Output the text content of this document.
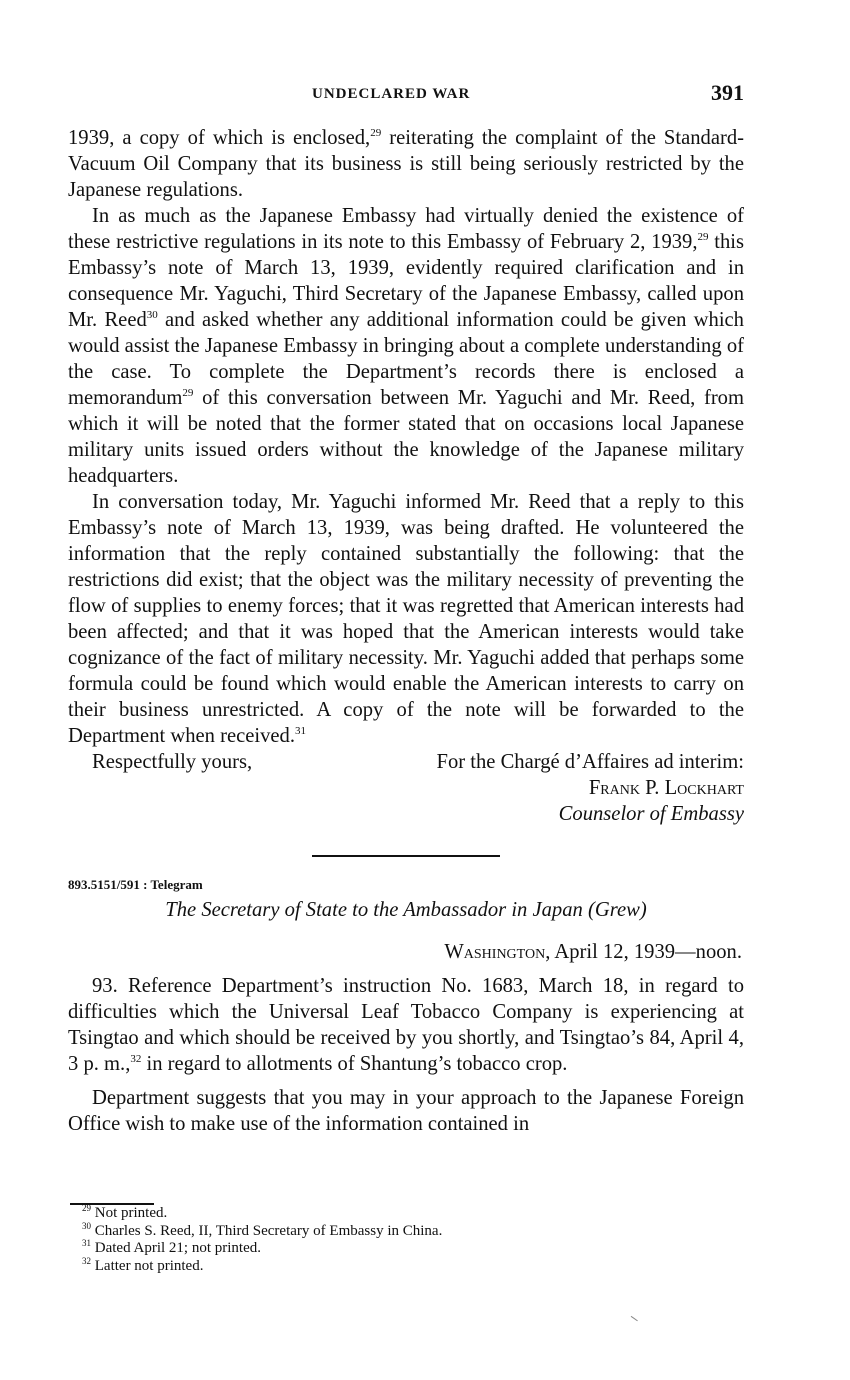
UNDECLARED WAR	391

1939, a copy of which is enclosed,$^{29}$ reiterating the complaint of the Standard-Vacuum Oil Company that its business is still being seriously restricted by the Japanese regulations.

In as much as the Japanese Embassy had virtually denied the existence of these restrictive regulations in its note to this Embassy of February 2, 1939,29 this Embassy’s note of March 13, 1939, evidently required clarification and in consequence Mr. Yaguchi, Third Secretary of the Japanese Embassy, called upon Mr. Reed$^{30}$ and asked whether any additional information could be given which would assist the Japanese Embassy in bringing about a complete understanding of the case. To complete the Department’s records there is enclosed a memorandum$^{29}$ of this conversation between Mr. Yaguchi and Mr. Reed, from which it will be noted that the former stated that on occasions local Japanese military units issued orders without the knowledge of the Japanese military headquarters.

In conversation today, Mr. Yaguchi informed Mr. Reed that a reply to this Embassy’s note of March 13, 1939, was being drafted. He volunteered the information that the reply contained substantially the following: that the restrictions did exist; that the object was the military necessity of preventing the flow of supplies to enemy forces; that it was regretted that American interests had been affected; and that it was hoped that the American interests would take cognizance of the fact of military necessity. Mr. Yaguchi added that perhaps some formula could be found which would enable the American interests to carry on their business unrestricted. A copy of the note will be forwarded to the Department when received.$^{31}$

Respectfully yours,	For the Chargé d’Affaires ad interim:

Frank P. Lockhart

Counselor of Embassy

893.5151/591 : Telegram

The Secretary of State to the Ambassador in Japan (Grew)

Washington, April 12, 1939—noon.

93. Reference Department’s instruction No. 1683, March 18, in regard to difficulties which the Universal Leaf Tobacco Company is experiencing at Tsingtao and which should be received by you shortly, and Tsingtao’s 84, April 4, 3 p. m.,$^{32}$ in regard to allotments of Shantung’s tobacco crop.

Department suggests that you may in your approach to the Japanese Foreign Office wish to make use of the information contained in

$^{29}$ Not printed.

$^{30}$ Charles S. Reed, II, Third Secretary of Embassy in China.

$^{31}$ Dated April 21; not printed.

$^{32}$ Latter not printed.
